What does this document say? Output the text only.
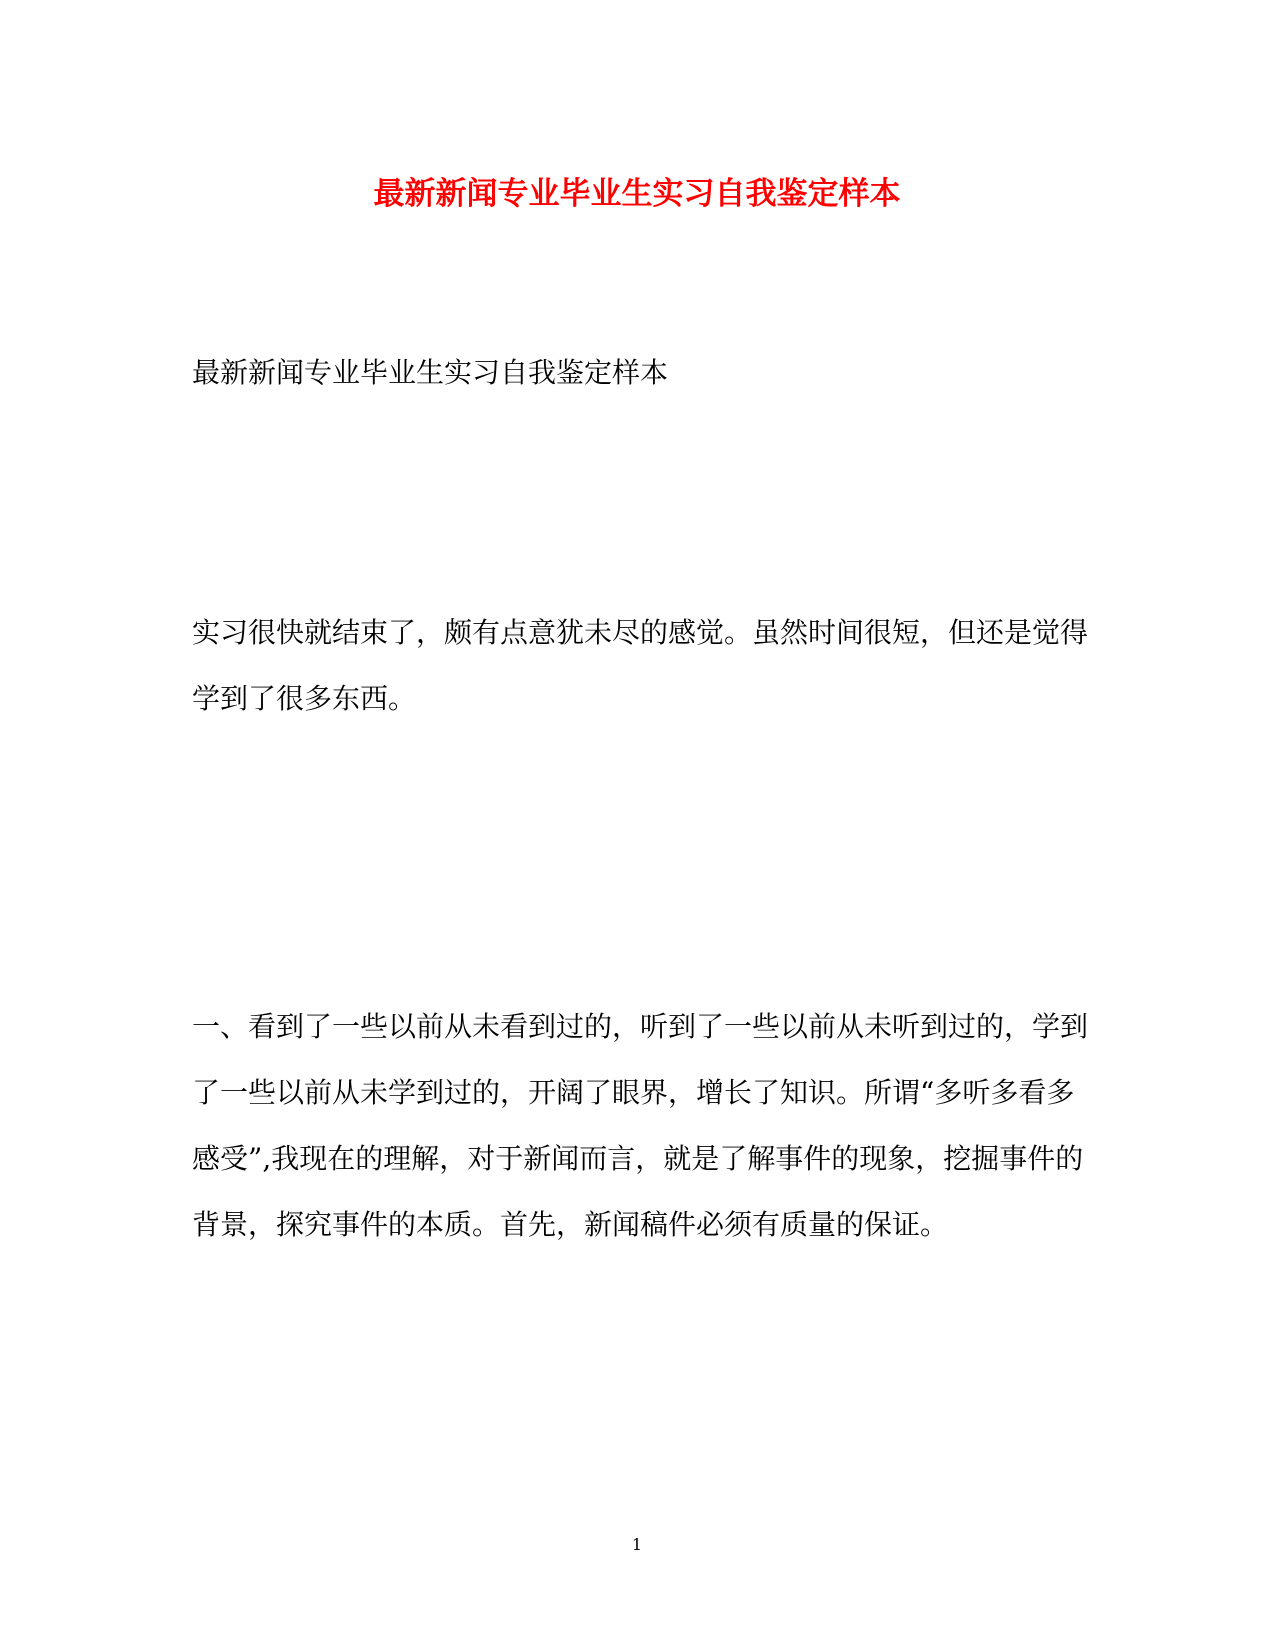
最新新闻专业毕业生实习自我鉴定样本

最新新闻专业毕业生实习自我鉴定样本

实习很快就结束了，颇有点意犹未尽的感觉。虽然时间很短，但还是觉得学到了很多东西。

一、看到了一些以前从未看到过的，听到了一些以前从未听到过的，学到了一些以前从未学到过的，开阔了眼界，增长了知识。所谓“多听多看多感受”,我现在的理解，对于新闻而言，就是了解事件的现象，挖掘事件的背景，探究事件的本质。首先，新闻稿件必须有质量的保证。

1
